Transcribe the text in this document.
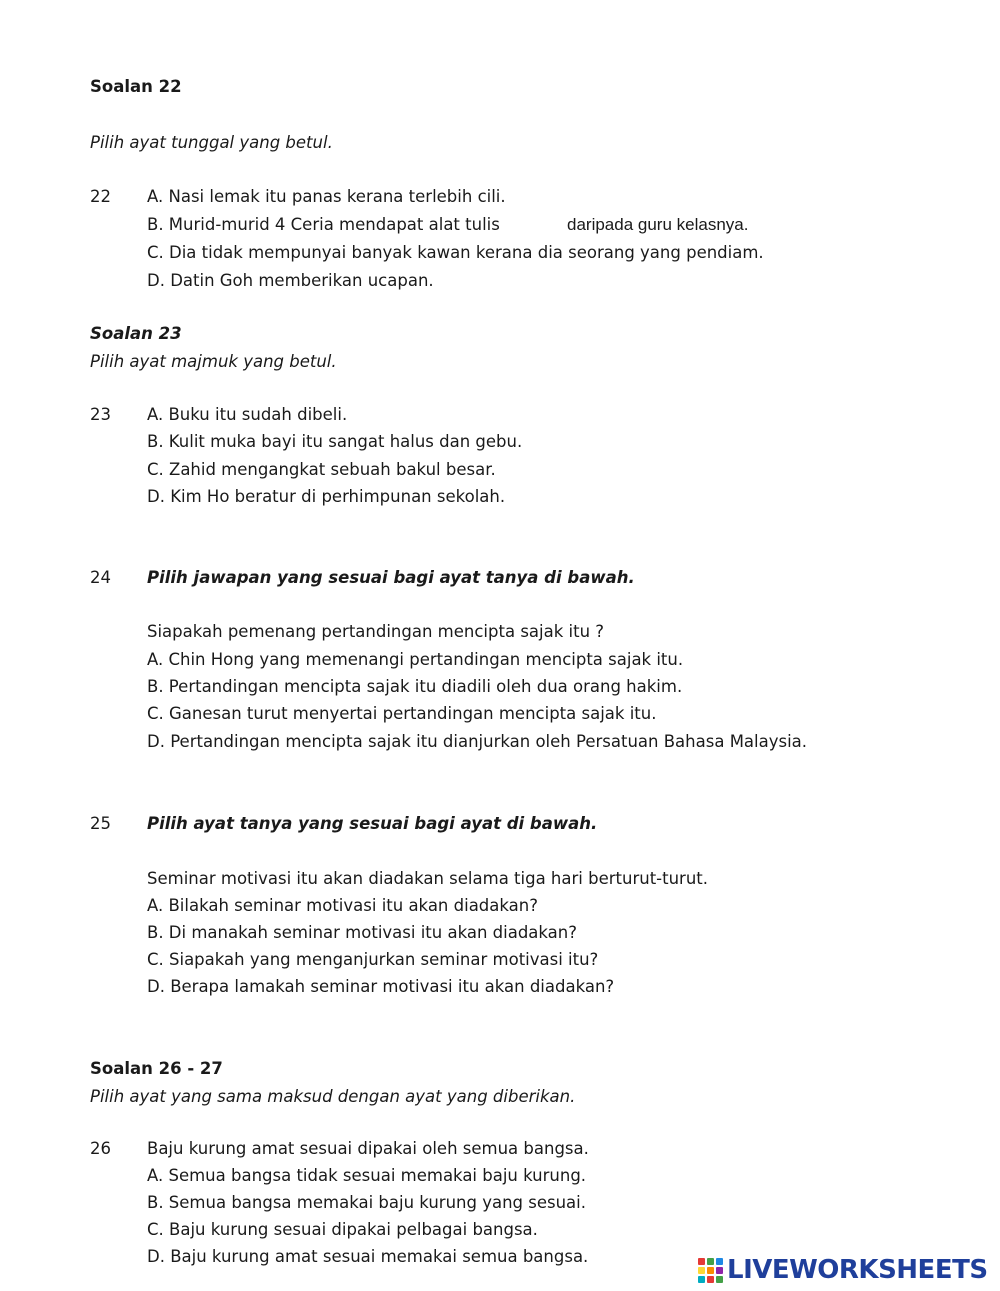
Soalan 22
Pilih ayat tunggal yang betul.
22 A. Nasi lemak itu panas kerana terlebih cili.
B. Murid-murid 4 Ceria mendapat alat tulis	daripada guru kelasnya.
C. Dia tidak mempunyai banyak kawan kerana dia seorang yang pendiam.
D. Datin Goh memberikan ucapan.
Soalan 23
Pilih ayat majmuk yang betul.
23 A. Buku itu sudah dibeli.
B. Kulit muka bayi itu sangat halus dan gebu.
C. Zahid mengangkat sebuah bakul besar.
D. Kim Ho beratur di perhimpunan sekolah.
24 Pilih jawapan yang sesuai bagi ayat tanya di bawah.
Siapakah pemenang pertandingan mencipta sajak itu ?
A. Chin Hong yang memenangi pertandingan mencipta sajak itu.
B. Pertandingan mencipta sajak itu diadili oleh dua orang hakim.
C. Ganesan turut menyertai pertandingan mencipta sajak itu.
D. Pertandingan mencipta sajak itu dianjurkan oleh Persatuan Bahasa Malaysia.
25 Pilih ayat tanya yang sesuai bagi ayat di bawah.
Seminar motivasi itu akan diadakan selama tiga hari berturut-turut.
A. Bilakah seminar motivasi itu akan diadakan?
B. Di manakah seminar motivasi itu akan diadakan?
C. Siapakah yang menganjurkan seminar motivasi itu?
D. Berapa lamakah seminar motivasi itu akan diadakan?
Soalan 26 - 27
Pilih ayat yang sama maksud dengan ayat yang diberikan.
26 Baju kurung amat sesuai dipakai oleh semua bangsa.
A. Semua bangsa tidak sesuai memakai baju kurung.
B. Semua bangsa memakai baju kurung yang sesuai.
C. Baju kurung sesuai dipakai pelbagai bangsa.
D. Baju kurung amat sesuai memakai semua bangsa.	LIVEWORKSHEETS
